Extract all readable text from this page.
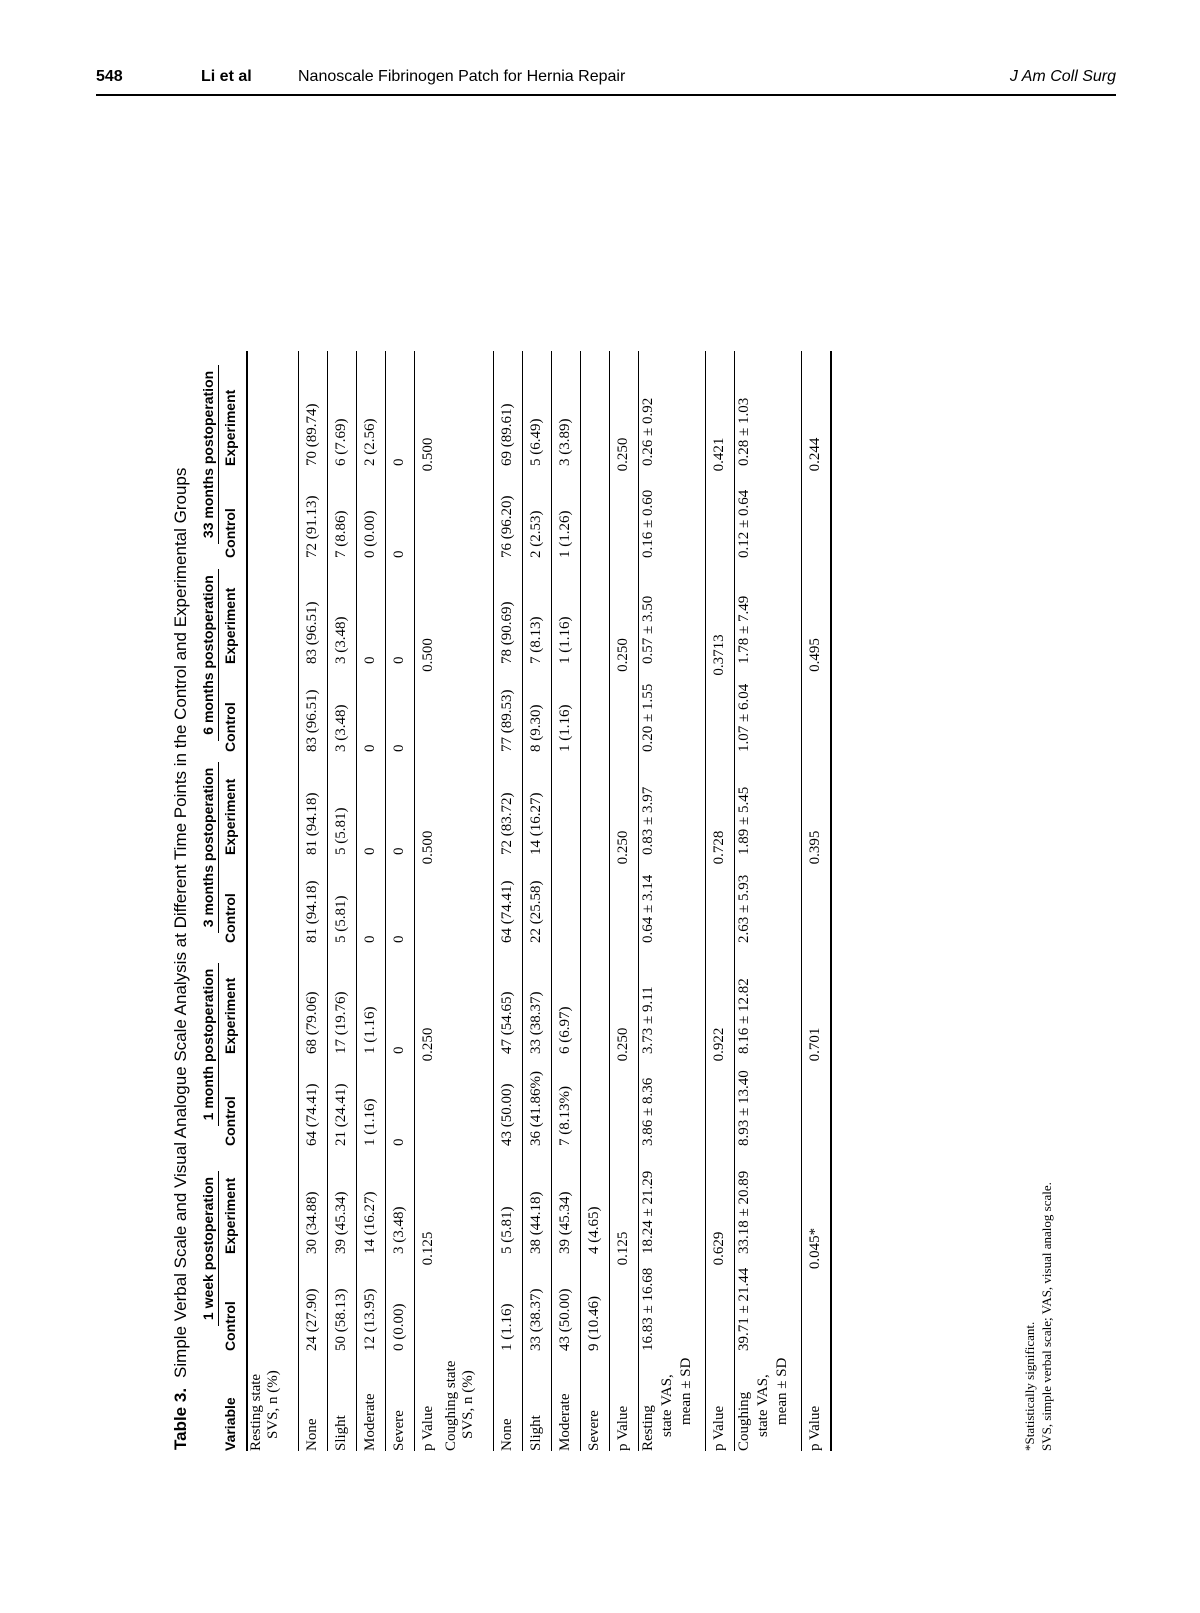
548	Li et al	Nanoscale Fibrinogen Patch for Hernia Repair	J Am Coll Surg
Table 3.Simple Verbal Scale and Visual Analogue Scale Analysis at Different Time Points in the Control and Experimental Groups
	1 week postoperation		1 month postoperation		3 months postoperation		6 months postoperation		33 months postoperation	
Variable	Control	Experiment	Control	Experiment	Control	Experiment	Control	Experiment	Control	Experiment
Resting state SVS, n (%)										

None	24 (27.90)	30 (34.88)	64 (74.41)	68 (79.06)	81 (94.18)	81 (94.18)	83 (96.51)	83 (96.51)	72 (91.13)	70 (89.74)
Slight	50 (58.13)	39 (45.34)	21 (24.41)	17 (19.76)	5 (5.81)	5 (5.81)	3 (3.48)	3 (3.48)	7 (8.86)	6 (7.69)
Moderate	12 (13.95)	14 (16.27)	1 (1.16)	1 (1.16)	0	0	0	0	0 (0.00)	2 (2.56)
Severe	0 (0.00)	3 (3.48)	0	0	0	0	0	0	0	0
p Value	0.125		0.250		0.500		0.500		0.500	
Coughing state SVS, n (%)										

None	1 (1.16)	5 (5.81)	43 (50.00)	47 (54.65)	64 (74.41)	72 (83.72)	77 (89.53)	78 (90.69)	76 (96.20)	69 (89.61)
Slight	33 (38.37)	38 (44.18)	36 (41.86%)	33 (38.37)	22 (25.58)	14 (16.27)	8 (9.30)	7 (8.13)	2 (2.53)	5 (6.49)
Moderate	43 (50.00)	39 (45.34)	7 (8.13%)	6 (6.97)			1 (1.16)	1 (1.16)	1 (1.26)	3 (3.89)
Severe	9 (10.46)	4 (4.65)								
p Value	0.125		0.250		0.250		0.250		0.250	

Resting state VAS, mean ± SD	16.83 ± 16.68	18.24 ± 21.29	3.86 ± 8.36	3.73 ± 9.11	0.64 ± 3.14	0.83 ± 3.97	0.20 ± 1.55	0.57 ± 3.50	0.16 ± 0.60	0.26 ± 0.92
p Value	0.629		0.922		0.728		0.3713		0.421	

Coughing state VAS, mean ± SD	39.71 ± 21.44	33.18 ± 20.89	8.93 ± 13.40	8.16 ± 12.82	2.63 ± 5.93	1.89 ± 5.45	1.07 ± 6.04	1.78 ± 7.49	0.12 ± 0.64	0.28 ± 1.03
p Value	0.045*		0.701		0.395		0.495		0.244	
*Statistically significant. SVS, simple verbal scale; VAS, visual analog scale.
